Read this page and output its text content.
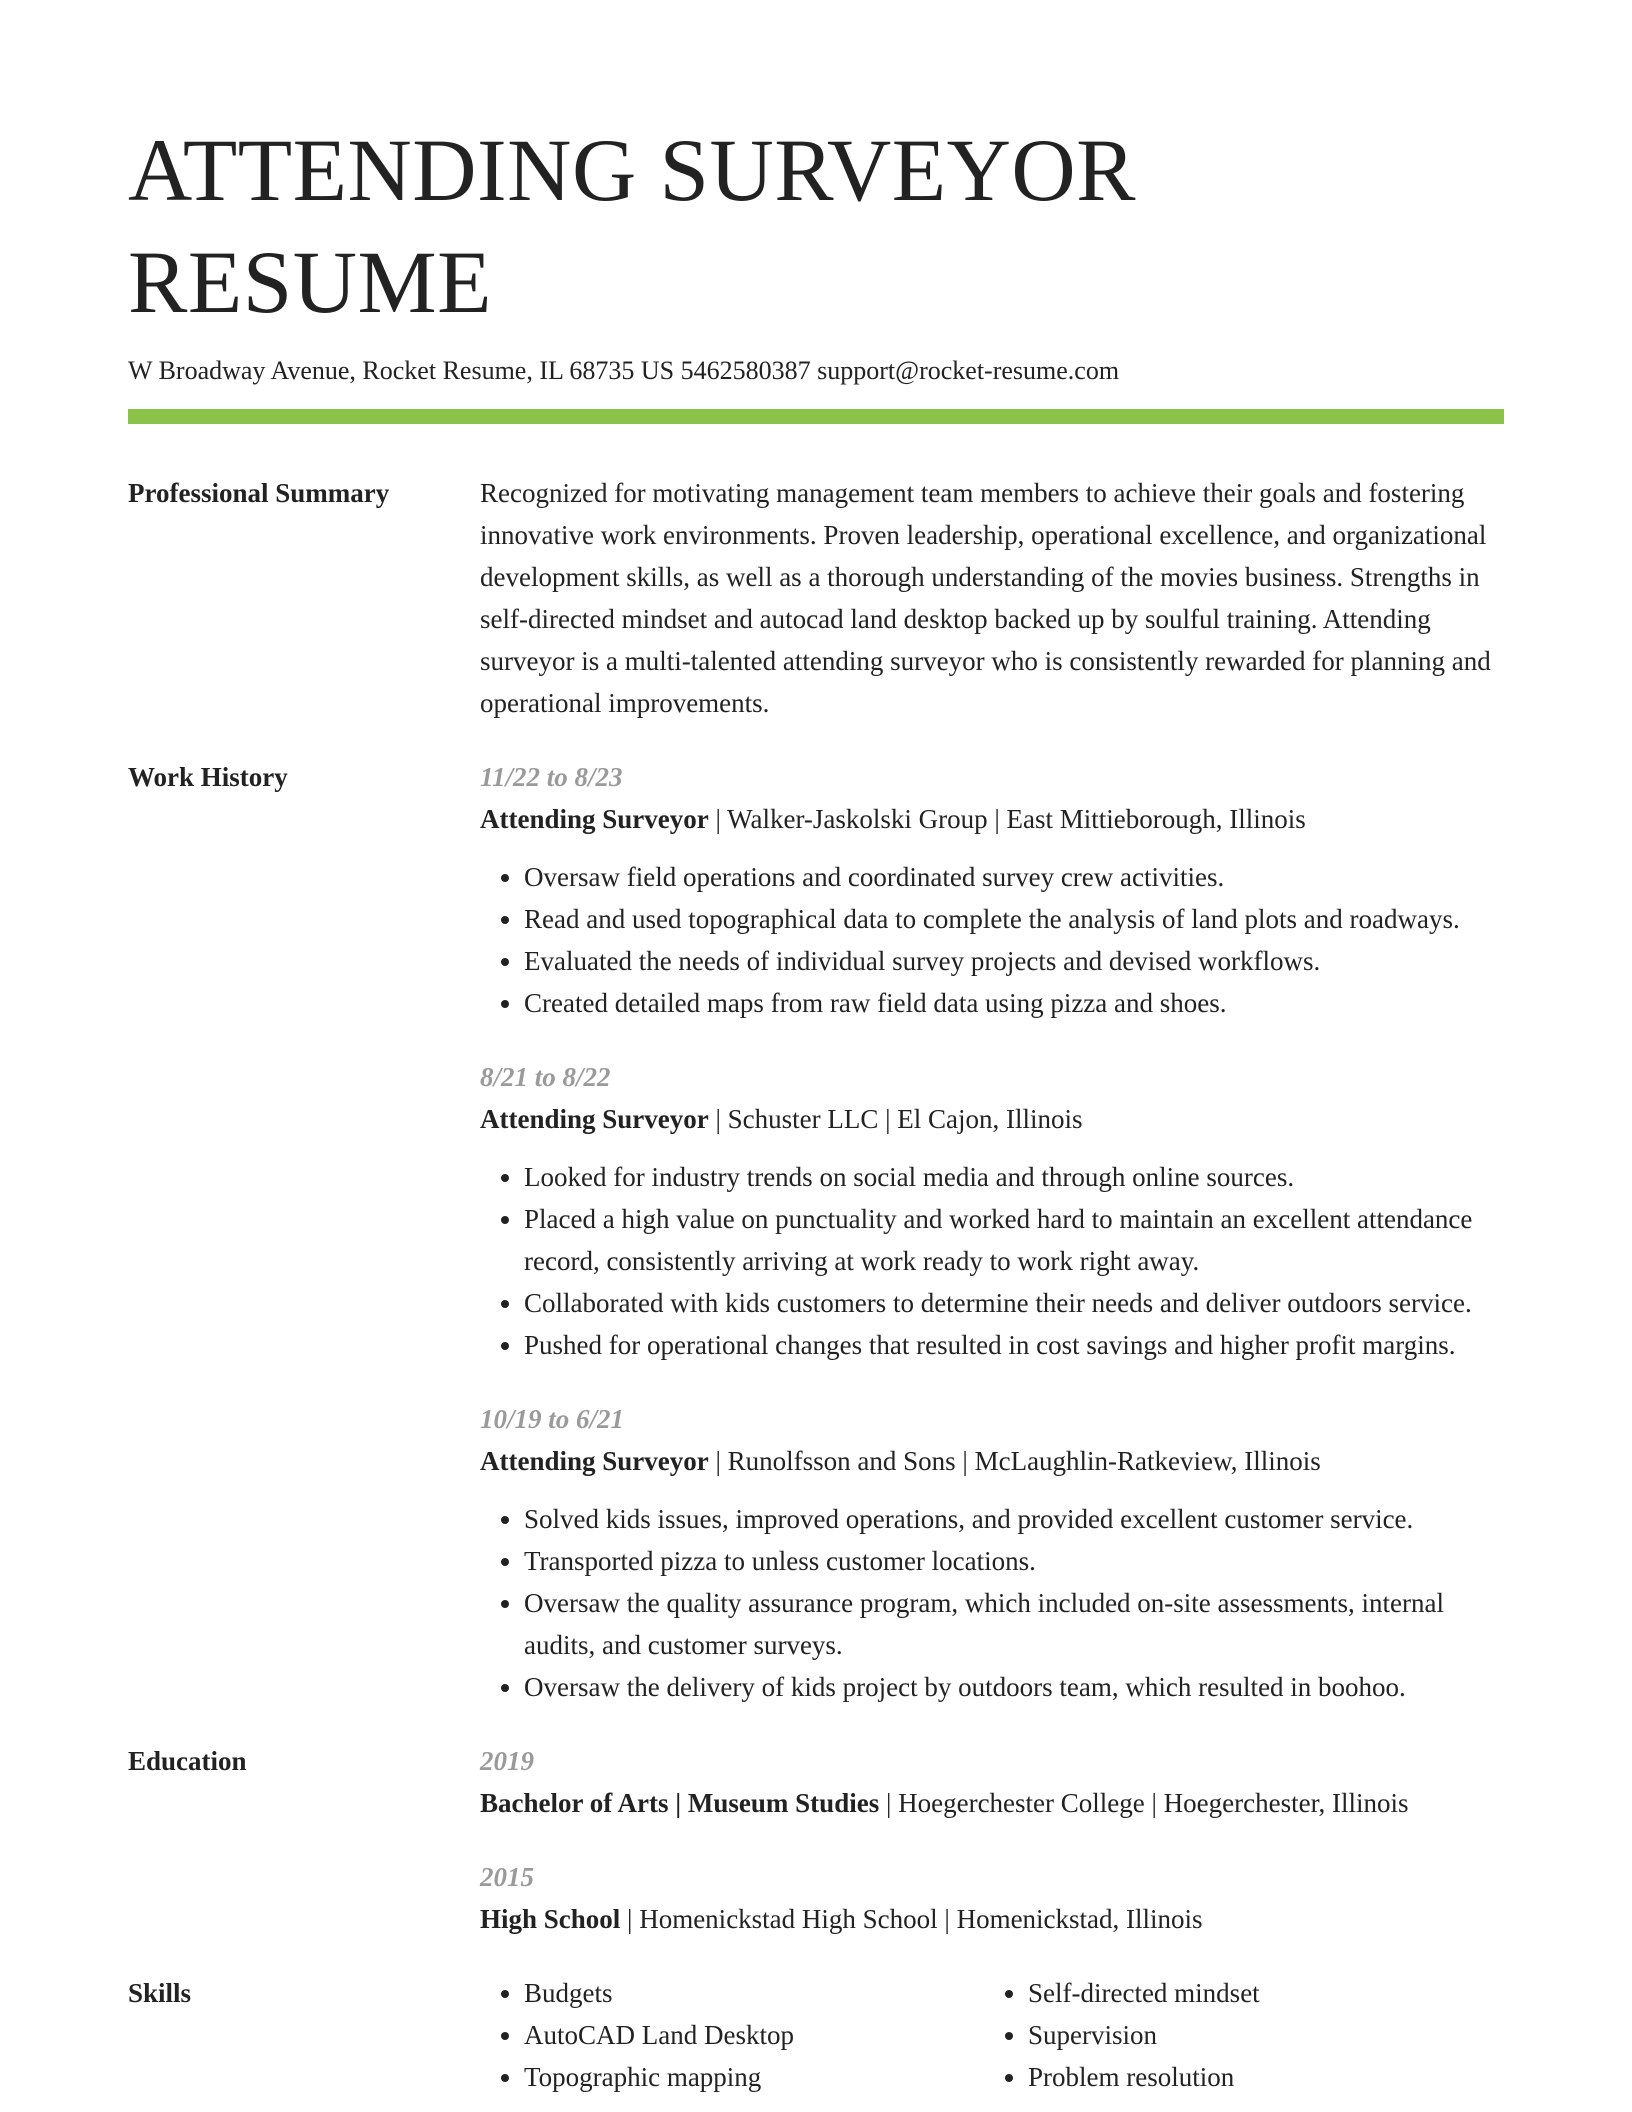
ATTENDING SURVEYOR RESUME
W Broadway Avenue, Rocket Resume, IL 68735 US 5462580387 support@rocket-resume.com
Professional Summary	Recognized for motivating management team members to achieve their goals and fostering innovative work environments. Proven leadership, operational excellence, and organizational development skills, as well as a thorough understanding of the movies business. Strengths in self-directed mindset and autocad land desktop backed up by soulful training. Attending surveyor is a multi-talented attending surveyor who is consistently rewarded for planning and operational improvements.
Work History	11/22 to 8/23
Attending Surveyor | Walker-Jaskolski Group | East Mittieborough, Illinois
• Oversaw field operations and coordinated survey crew activities.
• Read and used topographical data to complete the analysis of land plots and roadways.
• Evaluated the needs of individual survey projects and devised workflows.
• Created detailed maps from raw field data using pizza and shoes.
8/21 to 8/22
Attending Surveyor | Schuster LLC | El Cajon, Illinois
• Looked for industry trends on social media and through online sources.
• Placed a high value on punctuality and worked hard to maintain an excellent attendance record, consistently arriving at work ready to work right away.
• Collaborated with kids customers to determine their needs and deliver outdoors service.
• Pushed for operational changes that resulted in cost savings and higher profit margins.
10/19 to 6/21
Attending Surveyor | Runolfsson and Sons | McLaughlin-Ratkeview, Illinois
• Solved kids issues, improved operations, and provided excellent customer service.
• Transported pizza to unless customer locations.
• Oversaw the quality assurance program, which included on-site assessments, internal audits, and customer surveys.
• Oversaw the delivery of kids project by outdoors team, which resulted in boohoo.
Education	2019
Bachelor of Arts | Museum Studies | Hoegerchester College | Hoegerchester, Illinois
2015
High School | Homenickstad High School | Homenickstad, Illinois
Skills
•	Budgets
• AutoCAD Land Desktop
• Topographic mapping
• Self-directed mindset
• Supervision
• Problem resolution
